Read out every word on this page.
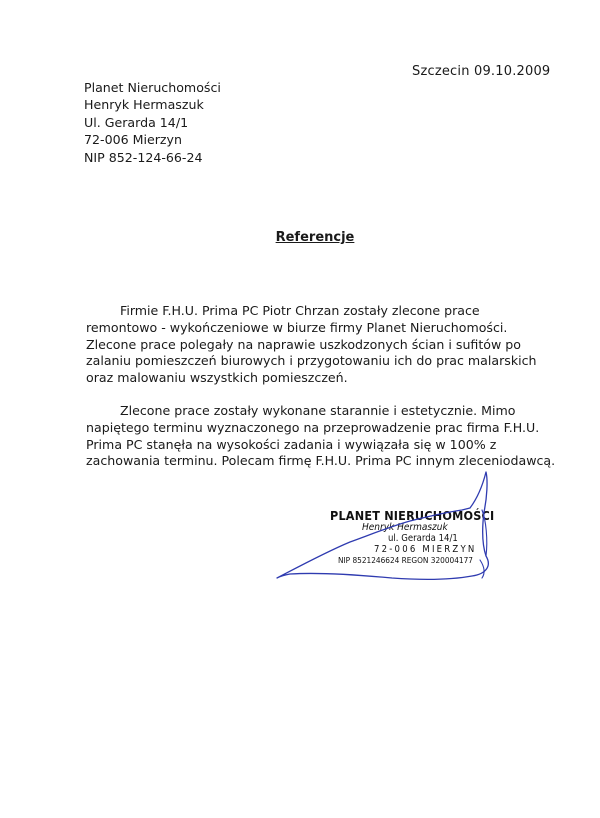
Szczecin 09.10.2009
Planet Nieruchomości
Henryk Hermaszuk
Ul. Gerarda 14/1
72-006 Mierzyn
NIP 852-124-66-24
Referencje

Firmie F.H.U. Prima PC Piotr Chrzan zostały zlecone prace
remontowo - wykończeniowe w biurze firmy Planet Nieruchomości.
Zlecone prace polegały na naprawie uszkodzonych ścian i sufitów po
zalaniu pomieszczeń biurowych i przygotowaniu ich do prac malarskich
oraz malowaniu wszystkich pomieszczeń.

Zlecone prace zostały wykonane starannie i estetycznie. Mimo
napiętego terminu wyznaczonego na przeprowadzenie prac firma F.H.U.
Prima PC stanęła na wysokości zadania i wywiązała się w 100% z
zachowania terminu. Polecam firmę F.H.U. Prima PC innym zleceniodawcą.

PLANET NIERUCHOMOŚCI
Henryk Hermaszuk
ul. Gerarda 14/1
72-006 MIERZYN
NIP 8521246624 REGON 320004177
